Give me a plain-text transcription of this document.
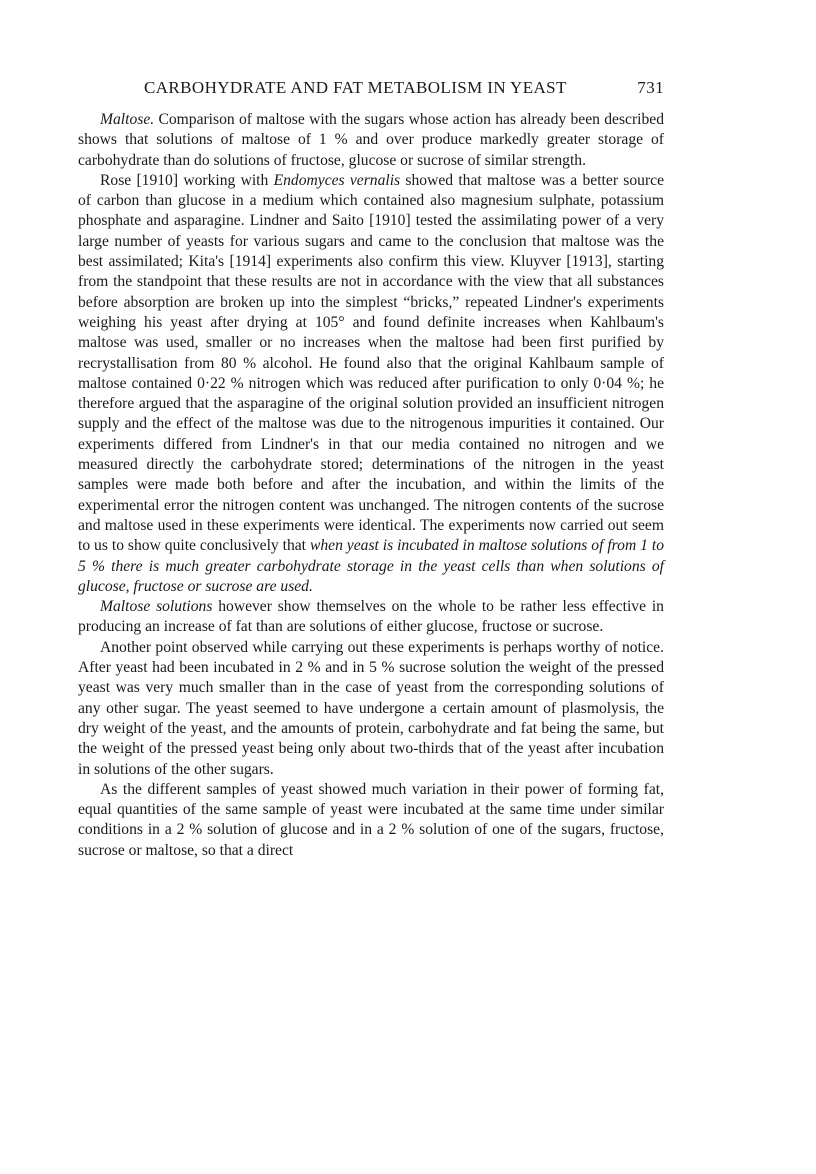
CARBOHYDRATE AND FAT METABOLISM IN YEAST	731

Maltose. Comparison of maltose with the sugars whose action has already been described shows that solutions of maltose of 1 % and over produce markedly greater storage of carbohydrate than do solutions of fructose, glucose or sucrose of similar strength.

Rose [1910] working with Endomyces vernalis showed that maltose was a better source of carbon than glucose in a medium which contained also magnesium sulphate, potassium phosphate and asparagine. Lindner and Saito [1910] tested the assimilating power of a very large number of yeasts for various sugars and came to the conclusion that maltose was the best assimilated; Kita's [1914] experiments also confirm this view. Kluyver [1913], starting from the standpoint that these results are not in accordance with the view that all substances before absorption are broken up into the simplest “bricks,” repeated Lindner's experiments weighing his yeast after drying at 105° and found definite increases when Kahlbaum's maltose was used, smaller or no increases when the maltose had been first purified by recrystallisation from 80 % alcohol. He found also that the original Kahlbaum sample of maltose contained 0·22 % nitrogen which was reduced after purification to only 0·04 %; he therefore argued that the asparagine of the original solution provided an insufficient nitrogen supply and the effect of the maltose was due to the nitrogenous impurities it contained. Our experiments differed from Lindner's in that our media contained no nitrogen and we measured directly the carbohydrate stored; determinations of the nitrogen in the yeast samples were made both before and after the incubation, and within the limits of the experimental error the nitrogen content was unchanged. The nitrogen contents of the sucrose and maltose used in these experiments were identical. The experiments now carried out seem to us to show quite conclusively that when yeast is incubated in maltose solutions of from 1 to 5 % there is much greater carbohydrate storage in the yeast cells than when solutions of glucose, fructose or sucrose are used.

Maltose solutions however show themselves on the whole to be rather less effective in producing an increase of fat than are solutions of either glucose, fructose or sucrose.

Another point observed while carrying out these experiments is perhaps worthy of notice. After yeast had been incubated in 2 % and in 5 % sucrose solution the weight of the pressed yeast was very much smaller than in the case of yeast from the corresponding solutions of any other sugar. The yeast seemed to have undergone a certain amount of plasmolysis, the dry weight of the yeast, and the amounts of protein, carbohydrate and fat being the same, but the weight of the pressed yeast being only about two-thirds that of the yeast after incubation in solutions of the other sugars.

As the different samples of yeast showed much variation in their power of forming fat, equal quantities of the same sample of yeast were incubated at the same time under similar conditions in a 2 % solution of glucose and in a 2 % solution of one of the sugars, fructose, sucrose or maltose, so that a direct
